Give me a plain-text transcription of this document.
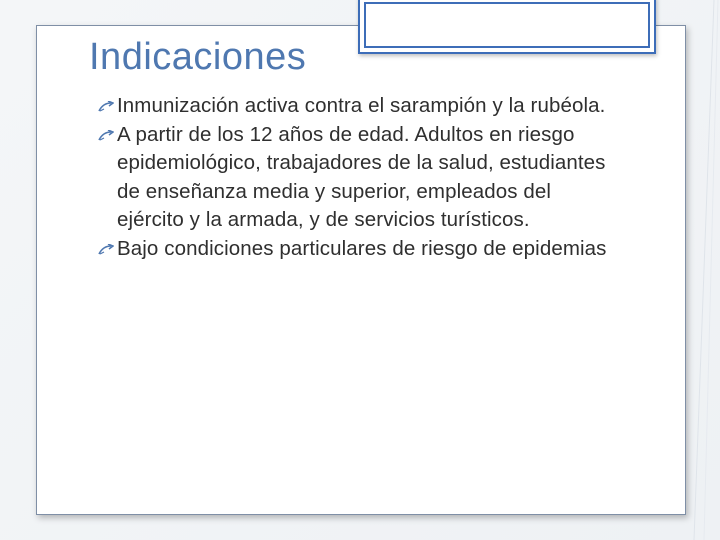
Indicaciones
Inmunización activa contra el sarampión y la rubéola.
A partir de los 12 años de edad. Adultos en riesgo epidemiológico, trabajadores de la salud, estudiantes de enseñanza media y superior, empleados del ejército y la armada, y de servicios turísticos.
Bajo condiciones particulares de riesgo de epidemias
